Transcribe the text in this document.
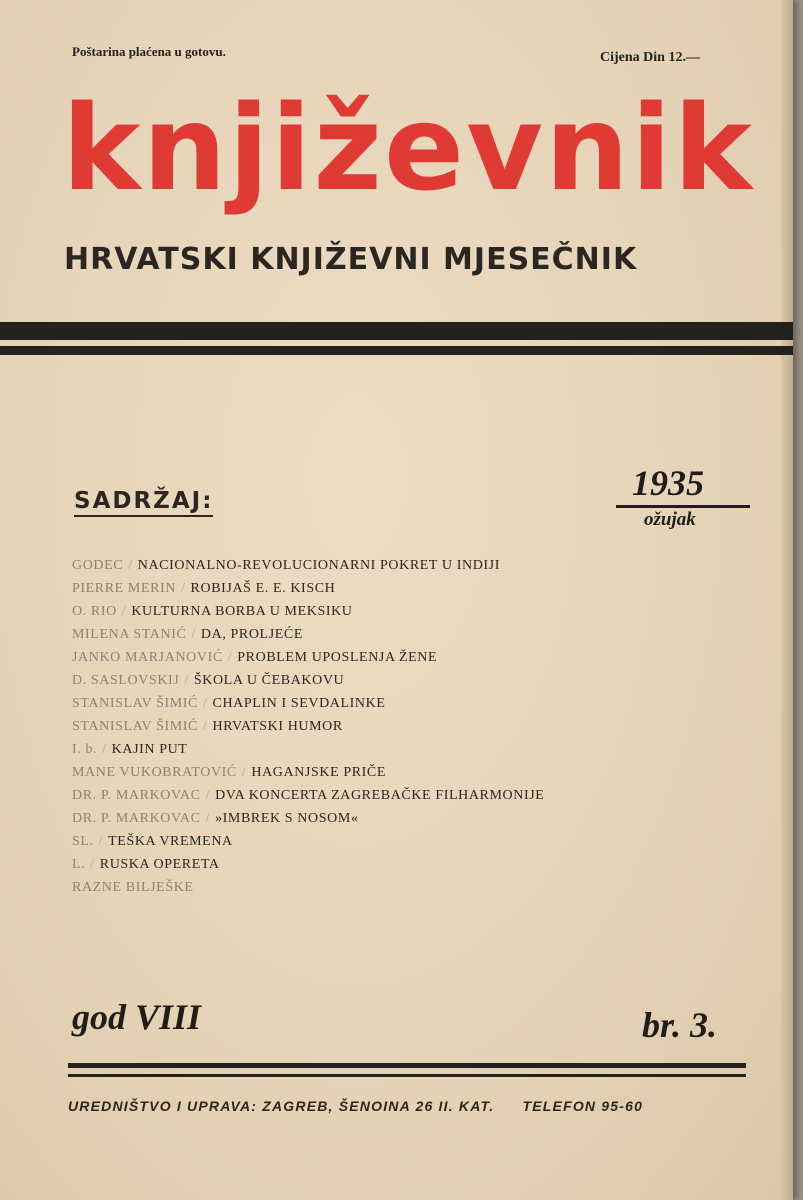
Poštarina plaćena u gotovu.	Cijena Din 12.—
književnik
HRVATSKI KNJIŽEVNI MJESEČNIK
SADRŽAJ:	1935
ožujak
GODEC / NACIONALNO-REVOLUCIONARNI POKRET U INDIJI
PIERRE MERIN / ROBIJAŠ E. E. KISCH
O. RIO / KULTURNA BORBA U MEKSIKU
MILENA STANIĆ / DA, PROLJEĆE
JANKO MARJANOVIĆ / PROBLEM UPOSLENJA ŽENE
D. SASLOVSKIJ / ŠKOLA U ČEBAKOVU
STANISLAV ŠIMIĆ / CHAPLIN I SEVDALINKE
STANISLAV ŠIMIĆ / HRVATSKI HUMOR
I. b. / KAJIN PUT
MANE VUKOBRATOVIĆ / HAGANJSKE PRIČE
DR. P. MARKOVAC / DVA KONCERTA ZAGREBAČKE FILHARMONIJE
DR. P. MARKOVAC / »IMBREK S NOSOM«
SL. / TEŠKA VREMENA
L. / RUSKA OPERETA
RAZNE BILJEŠKE
god VIII	br. 3.
UREDNIŠTVO I UPRAVA: ZAGREB, ŠENOINA 26 II. KAT. TELEFON 95-60
